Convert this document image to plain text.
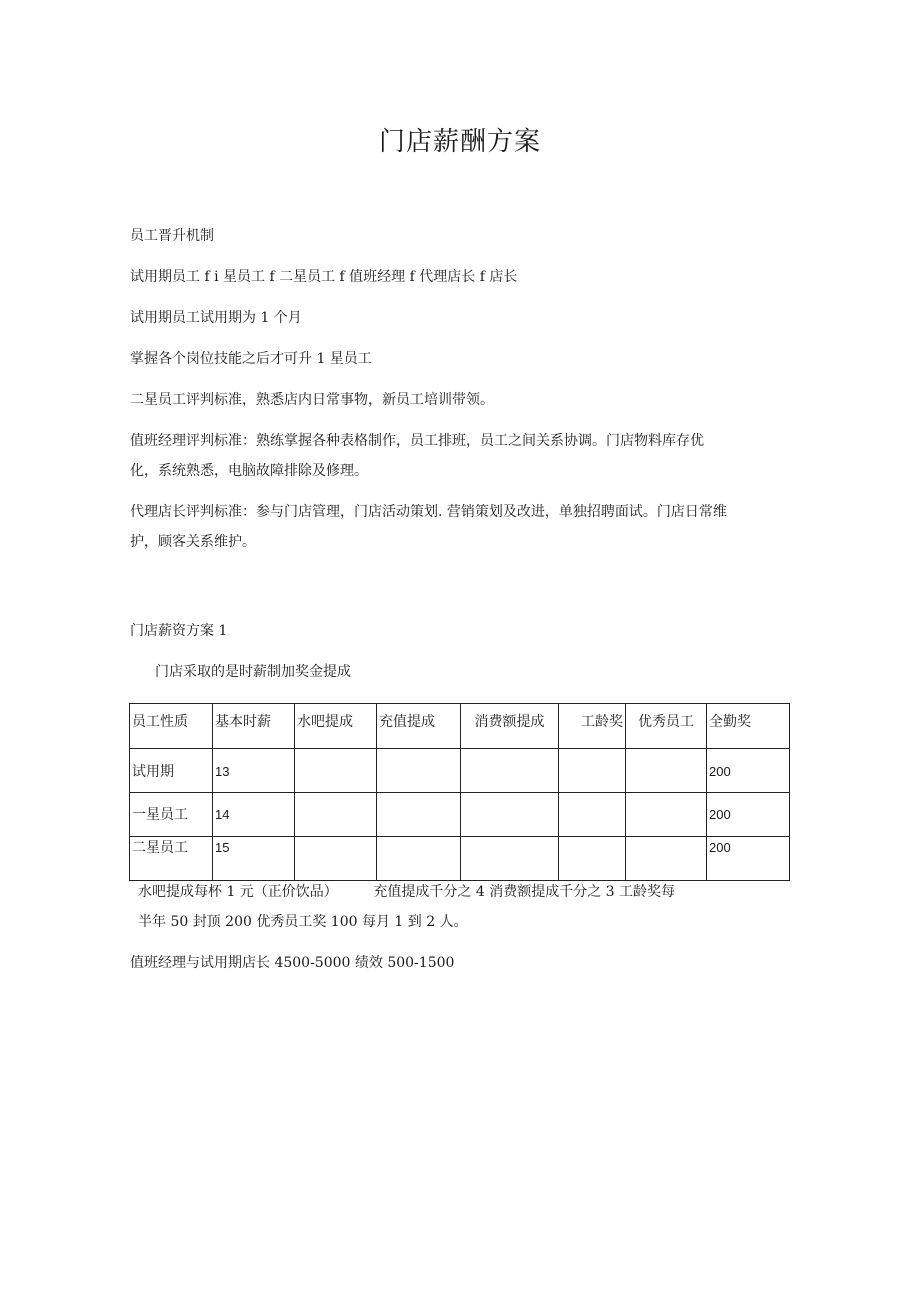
门店薪酬方案
员工晋升机制
试用期员工 f i 星员工 f 二星员工 f 值班经理 f 代理店长 f 店长
试用期员工试用期为 1 个月
掌握各个岗位技能之后才可升 1 星员工
二星员工评判标准，熟悉店内日常事物，新员工培训带领。
值班经理评判标准：熟练掌握各种表格制作，员工排班，员工之间关系协调。门店物料库存优
化，系统熟悉，电脑故障排除及修理。
代理店长评判标准：参与门店管理，门店活动策划. 营销策划及改进，单独招聘面试。门店日常维
护，顾客关系维护。
门店薪资方案 1
门店采取的是时薪制加奖金提成
员工性质	基本时薪	水吧提成	充值提成	消费额提成	工龄奖	优秀员工	全勤奖
试用期	13						200
一星员工	14						200
二星员工	15						200
水吧提成每杯 1 元（正价饮品）        充值提成千分之 4 消费额提成千分之 3 工龄奖每
半年 50 封顶 200 优秀员工奖 100 每月 1 到 2 人。
值班经理与试用期店长 4500-5000 绩效 500-1500
